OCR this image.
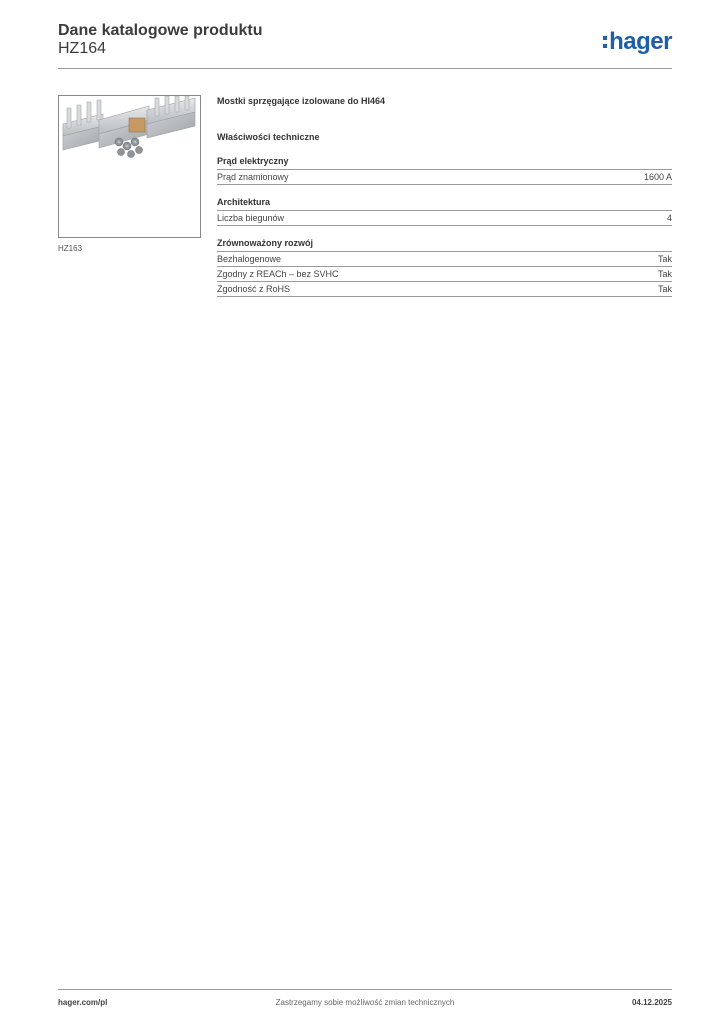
Dane katalogowe produktu
HZ164	hager
HZ163

Mostki sprzęgające izolowane do HI464

Właściwości techniczne

Prąd elektryczny
Prąd znamionowy	1600 A
Architektura
Liczba biegunów	4
Zrównoważony rozwój
Bezhalogenowe	Tak
Zgodny z REACh – bez SVHC	Tak
Zgodność z RoHS	Tak
hager.com/pl	Zastrzegamy sobie możliwość zmian technicznych	04.12.2025
